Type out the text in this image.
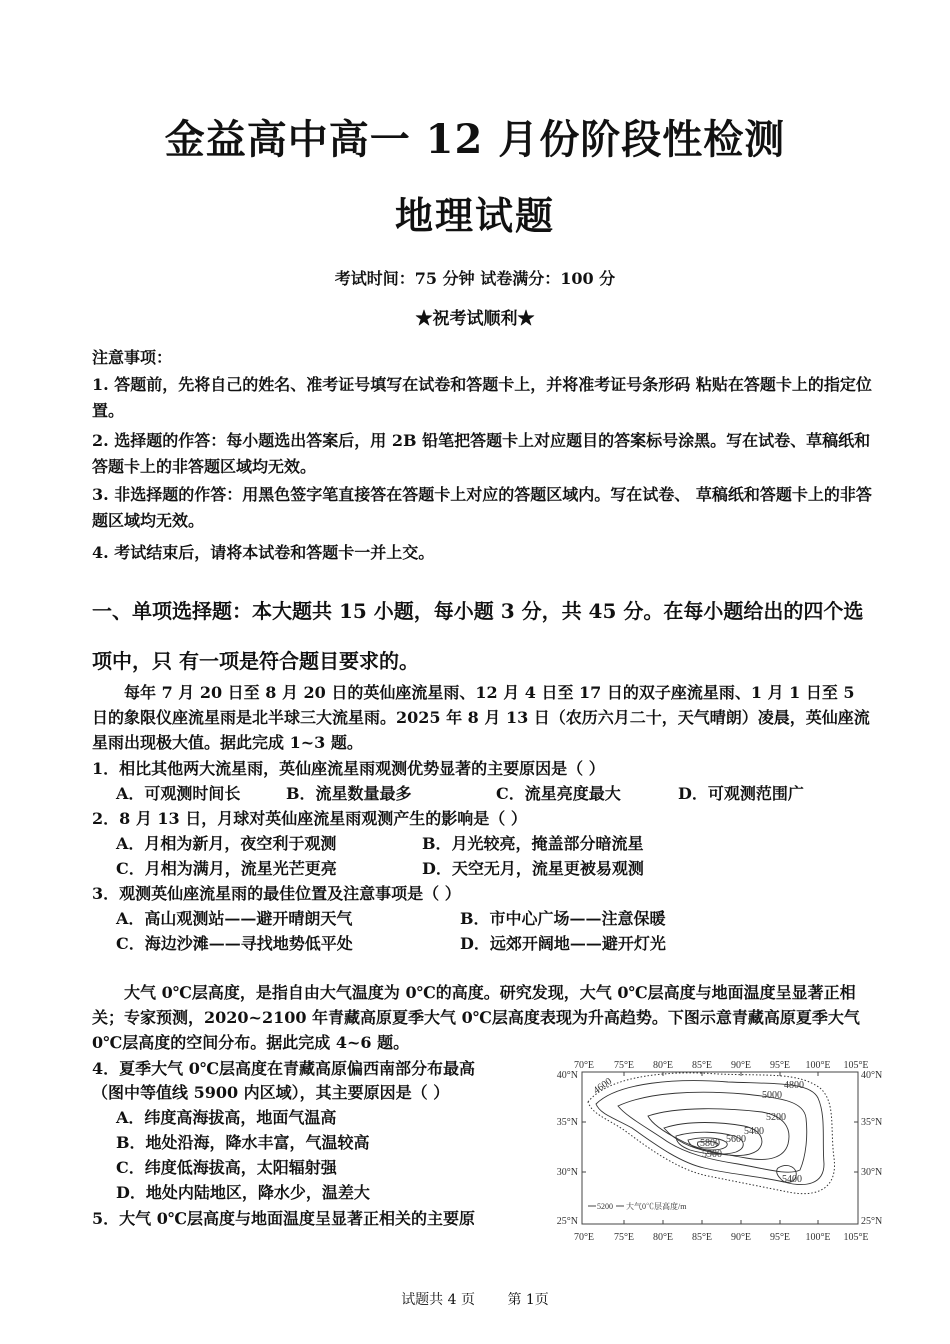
金益高中高一 12 月份阶段性检测
地理试题
考试时间：75 分钟 试卷满分：100 分
★祝考试顺利★
注意事项：

1. 答题前，先将自己的姓名、准考证号填写在试卷和答题卡上，并将准考证号条形码 粘贴在答题卡上的指定位置。

2. 选择题的作答：每小题选出答案后，用 2B 铅笔把答题卡上对应题目的答案标号涂黑。写在试卷、草稿纸和答题卡上的非答题区域均无效。

3. 非选择题的作答：用黑色签字笔直接答在答题卡上对应的答题区域内。写在试卷、 草稿纸和答题卡上的非答题区域均无效。

4. 考试结束后，请将本试卷和答题卡一并上交。

一、单项选择题：本大题共 15 小题，每小题 3 分，共 45 分。在每小题给出的四个选项中，只 有一项是符合题目要求的。

每年 7 月 20 日至 8 月 20 日的英仙座流星雨、12 月 4 日至 17 日的双子座流星雨、1 月 1 日至 5 日的象限仪座流星雨是北半球三大流星雨。2025 年 8 月 13 日（农历六月二十，天气晴朗）凌晨，英仙座流星雨出现极大值。据此完成 1~3 题。

1．相比其他两大流星雨，英仙座流星雨观测优势显著的主要原因是（ ）

A．可观测时间长	B．流星数量最多	C．流星亮度最大	D．可观测范围广

2．8 月 13 日，月球对英仙座流星雨观测产生的影响是（ ）

A．月相为新月，夜空利于观测	B．月光较亮，掩盖部分暗流星
C．月相为满月，流星光芒更亮	D．天空无月，流星更被易观测

3．观测英仙座流星雨的最佳位置及注意事项是（ ）

A．高山观测站——避开晴朗天气	B．市中心广场——注意保暖
C．海边沙滩——寻找地势低平处	D．远郊开阔地——避开灯光

大气 0℃层高度，是指自由大气温度为 0℃的高度。研究发现，大气 0℃层高度与地面温度呈显著正相关；专家预测，2020~2100 年青藏高原夏季大气 0℃层高度表现为升高趋势。下图示意青藏高原夏季大气 0℃层高度的空间分布。据此完成 4~6 题。

4．夏季大气 0℃层高度在青藏高原偏西南部分布最高

（图中等值线 5900 内区域），其主要原因是（ ）

A．纬度高海拔高，地面气温高
B．地处沿海，降水丰富，气温较高
C．纬度低海拔高，太阳辐射强
D．地处内陆地区，降水少，温差大

5．大气 0℃层高度与地面温度呈显著正相关的主要原

70°E 75°E 80°E 85°E 90°E 95°E 100°E 105°E
70°E 75°E 80°E 85°E 90°E 95°E 100°E 105°E
40°N
35°N
30°N
25°N
40°N
35°N
30°N
25°N
4600	4800
5000
5200
5400
5600
5800
5900
5400
5200 大气0℃层高度/m
试题共 4 页 第 1页
